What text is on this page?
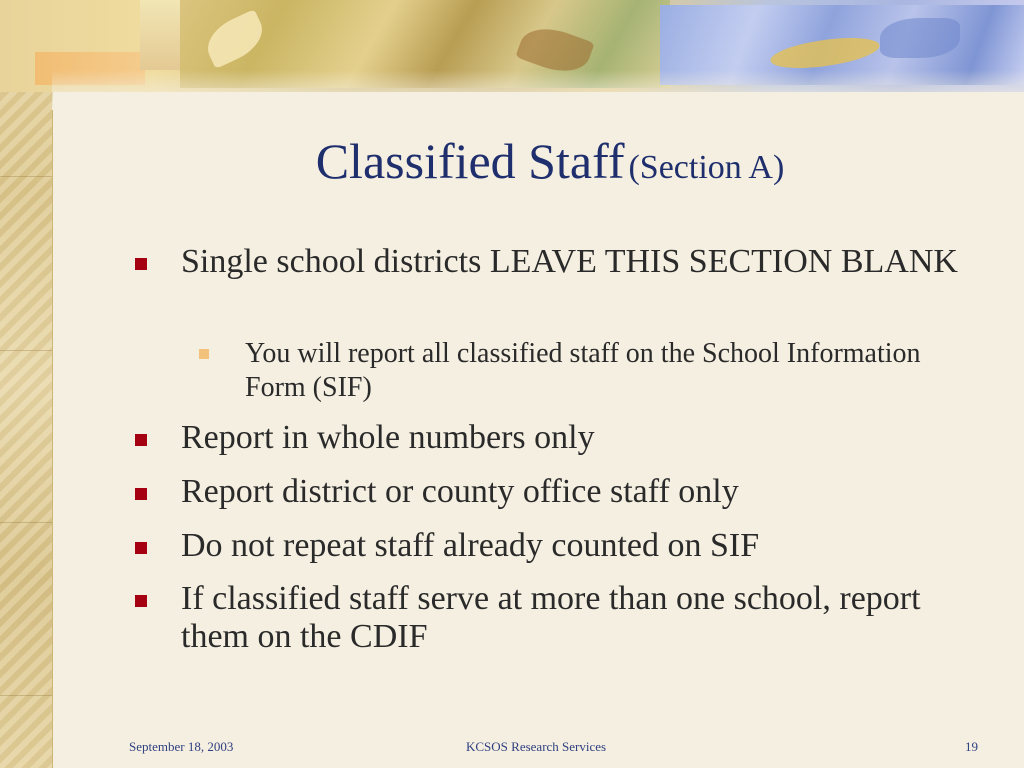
Classified Staff (Section A)
Single school districts LEAVE THIS SECTION BLANK
You will report all classified staff on the School Information Form (SIF)
Report in whole numbers only
Report district or county office staff only
Do not repeat staff already counted on SIF
If classified staff serve at more than one school, report them on the CDIF
September 18, 2003	KCSOS Research Services	19
